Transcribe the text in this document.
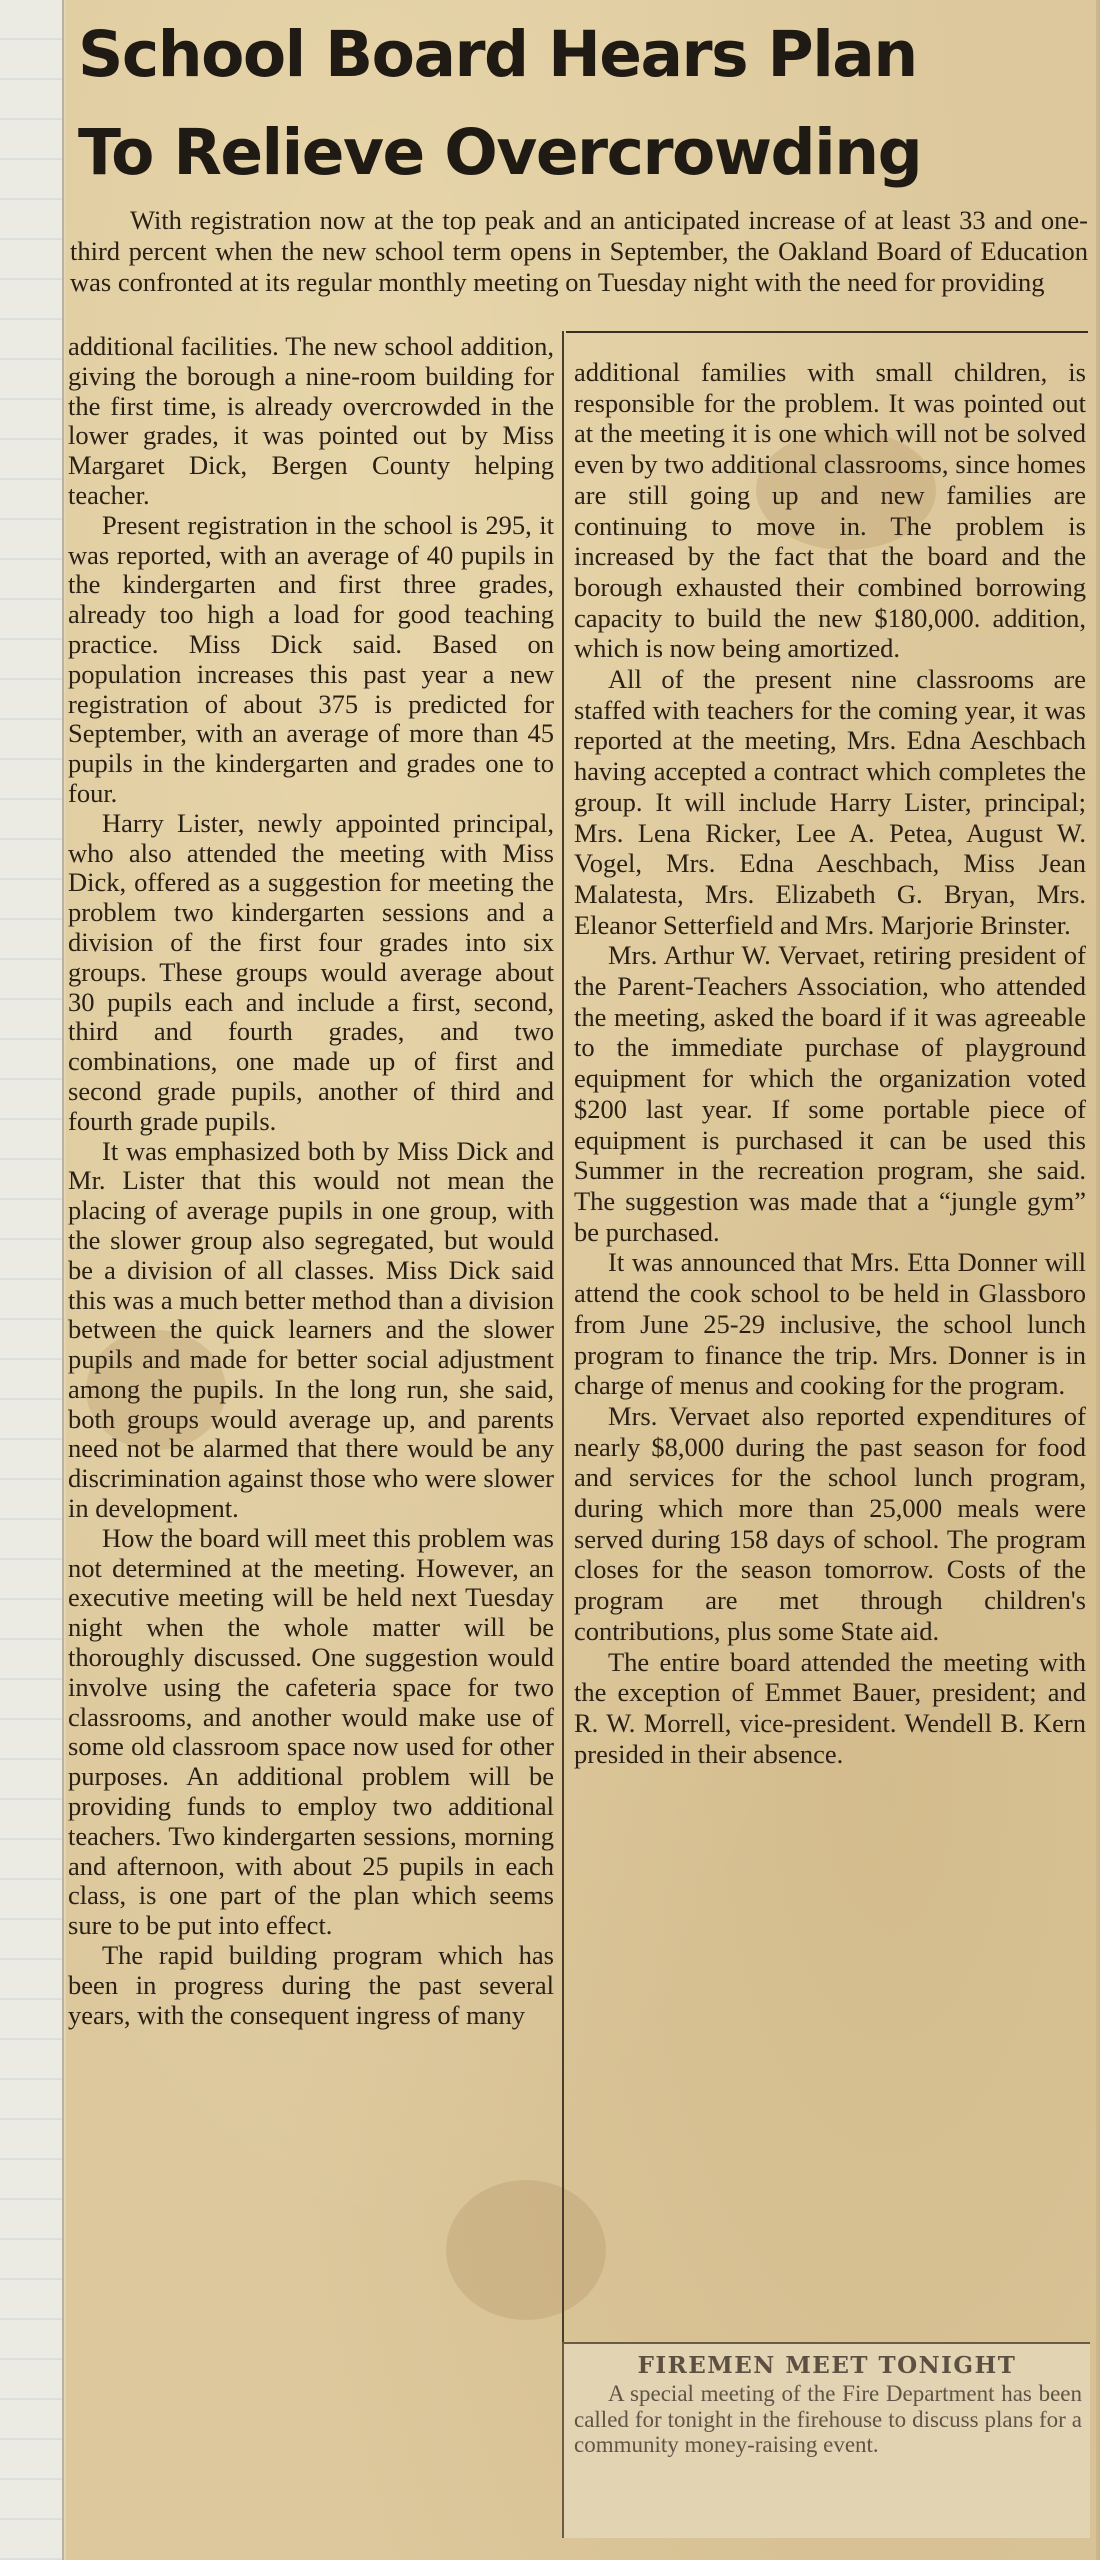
School Board Hears Plan
To Relieve Overcrowding

With registration now at the top peak and an anticipated increase of at least 33 and one-third percent when the new school term opens in September, the Oakland Board of Education was confronted at its regular monthly meeting on Tuesday night with the need for providing

additional facilities. The new school addition, giving the borough a nine-room building for the first time, is already overcrowded in the lower grades, it was pointed out by Miss Margaret Dick, Bergen County helping teacher.

Present registration in the school is 295, it was reported, with an average of 40 pupils in the kindergarten and first three grades, already too high a load for good teaching practice. Miss Dick said. Based on population increases this past year a new registration of about 375 is predicted for September, with an average of more than 45 pupils in the kindergarten and grades one to four.

Harry Lister, newly appointed principal, who also attended the meeting with Miss Dick, offered as a suggestion for meeting the problem two kindergarten sessions and a division of the first four grades into six groups. These groups would average about 30 pupils each and include a first, second, third and fourth grades, and two combinations, one made up of first and second grade pupils, another of third and fourth grade pupils.

It was emphasized both by Miss Dick and Mr. Lister that this would not mean the placing of average pupils in one group, with the slower group also segregated, but would be a division of all classes. Miss Dick said this was a much better method than a division between the quick learners and the slower pupils and made for better social adjustment among the pupils. In the long run, she said, both groups would average up, and parents need not be alarmed that there would be any discrimination against those who were slower in development.

How the board will meet this problem was not determined at the meeting. However, an executive meeting will be held next Tuesday night when the whole matter will be thoroughly discussed. One suggestion would involve using the cafeteria space for two classrooms, and another would make use of some old classroom space now used for other purposes. An additional problem will be providing funds to employ two additional teachers. Two kindergarten sessions, morning and afternoon, with about 25 pupils in each class, is one part of the plan which seems sure to be put into effect.

The rapid building program which has been in progress during the past several years, with the consequent ingress of many

additional families with small children, is responsible for the problem. It was pointed out at the meeting it is one which will not be solved even by two additional classrooms, since homes are still going up and new families are continuing to move in. The problem is increased by the fact that the board and the borough exhausted their combined borrowing capacity to build the new $180,000. addition, which is now being amortized.

All of the present nine classrooms are staffed with teachers for the coming year, it was reported at the meeting, Mrs. Edna Aeschbach having accepted a contract which completes the group. It will include Harry Lister, principal; Mrs. Lena Ricker, Lee A. Petea, August W. Vogel, Mrs. Edna Aeschbach, Miss Jean Malatesta, Mrs. Elizabeth G. Bryan, Mrs. Eleanor Setterfield and Mrs. Marjorie Brinster.

Mrs. Arthur W. Vervaet, retiring president of the Parent-Teachers Association, who attended the meeting, asked the board if it was agreeable to the immediate purchase of playground equipment for which the organization voted $200 last year. If some portable piece of equipment is purchased it can be used this Summer in the recreation program, she said. The suggestion was made that a “jungle gym” be purchased.

It was announced that Mrs. Etta Donner will attend the cook school to be held in Glassboro from June 25-29 inclusive, the school lunch program to finance the trip. Mrs. Donner is in charge of menus and cooking for the program.

Mrs. Vervaet also reported expenditures of nearly $8,000 during the past season for food and services for the school lunch program, during which more than 25,000 meals were served during 158 days of school. The program closes for the season tomorrow. Costs of the program are met through children's contributions, plus some State aid.

The entire board attended the meeting with the exception of Emmet Bauer, president; and R. W. Morrell, vice-president. Wendell B. Kern presided in their absence.

FIREMEN MEET TONIGHT

A special meeting of the Fire Department has been called for tonight in the firehouse to discuss plans for a community money-raising event.
